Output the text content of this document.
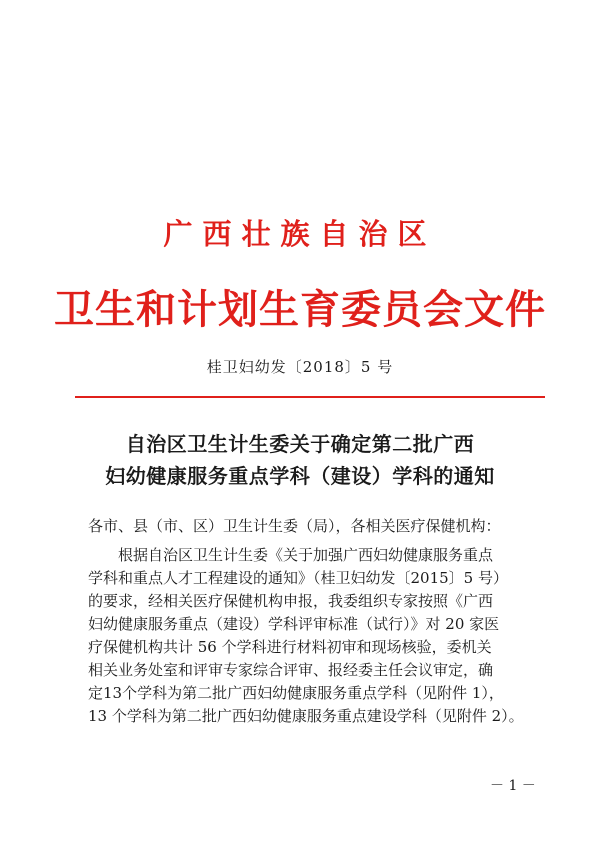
广西壮族自治区
卫生和计划生育委员会文件
桂卫妇幼发〔2018〕5 号
自治区卫生计生委关于确定第二批广西
妇幼健康服务重点学科（建设）学科的通知
各市、县（市、区）卫生计生委（局），各相关医疗保健机构：
　　根据自治区卫生计生委《关于加强广西妇幼健康服务重点
学科和重点人才工程建设的通知》（桂卫妇幼发〔2015〕5 号）
的要求，经相关医疗保健机构申报，我委组织专家按照《广西
妇幼健康服务重点（建设）学科评审标准（试行）》对 20 家医
疗保健机构共计 56 个学科进行材料初审和现场核验，委机关
相关业务处室和评审专家综合评审、报经委主任会议审定，确
定13个学科为第二批广西妇幼健康服务重点学科（见附件 1），
13 个学科为第二批广西妇幼健康服务重点建设学科（见附件 2）。
－ 1 －
